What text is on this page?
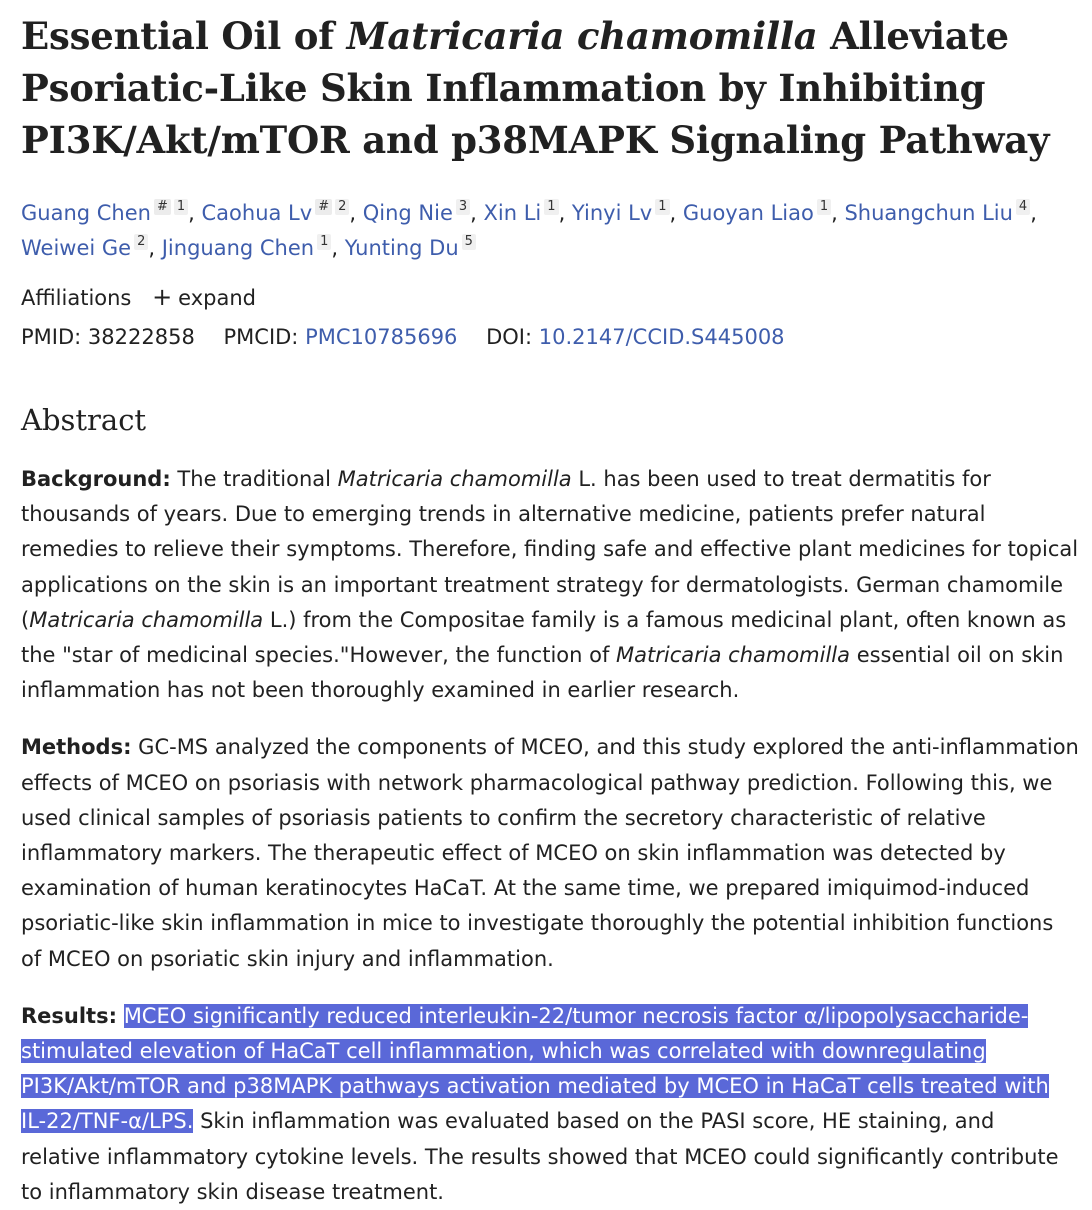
Essential Oil of Matricaria chamomilla Alleviate Psoriatic-Like Skin Inflammation by Inhibiting PI3K/Akt/mTOR and p38MAPK Signaling Pathway
Guang Chen # 1 , Caohua Lv # 2 , Qing Nie 3 , Xin Li 1 , Yinyi Lv 1 , Guoyan Liao 1 , Shuangchun Liu 4 ,
Weiwei Ge 2 , Jinguang Chen 1 , Yunting Du 5
Affiliations + expand
PMID: 38222858 PMCID: PMC10785696 DOI: 10.2147/CCID.S445008
Abstract

Background: The traditional Matricaria chamomilla L. has been used to treat dermatitis for thousands of years. Due to emerging trends in alternative medicine, patients prefer natural remedies to relieve their symptoms. Therefore, finding safe and effective plant medicines for topical applications on the skin is an important treatment strategy for dermatologists. German chamomile (Matricaria chamomilla L.) from the Compositae family is a famous medicinal plant, often known as the "star of medicinal species."However, the function of Matricaria chamomilla essential oil on skin inflammation has not been thoroughly examined in earlier research.

Methods: GC-MS analyzed the components of MCEO, and this study explored the anti-inflammation effects of MCEO on psoriasis with network pharmacological pathway prediction. Following this, we used clinical samples of psoriasis patients to confirm the secretory characteristic of relative inflammatory markers. The therapeutic effect of MCEO on skin inflammation was detected by examination of human keratinocytes HaCaT. At the same time, we prepared imiquimod-induced psoriatic-like skin inflammation in mice to investigate thoroughly the potential inhibition functions of MCEO on psoriatic skin injury and inflammation.

Results: MCEO significantly reduced interleukin-22/tumor necrosis factor α/lipopolysaccharide-stimulated elevation of HaCaT cell inflammation, which was correlated with downregulating PI3K/Akt/mTOR and p38MAPK pathways activation mediated by MCEO in HaCaT cells treated with IL-22/TNF-α/LPS. Skin inflammation was evaluated based on the PASI score, HE staining, and relative inflammatory cytokine levels. The results showed that MCEO could significantly contribute to inflammatory skin disease treatment.
